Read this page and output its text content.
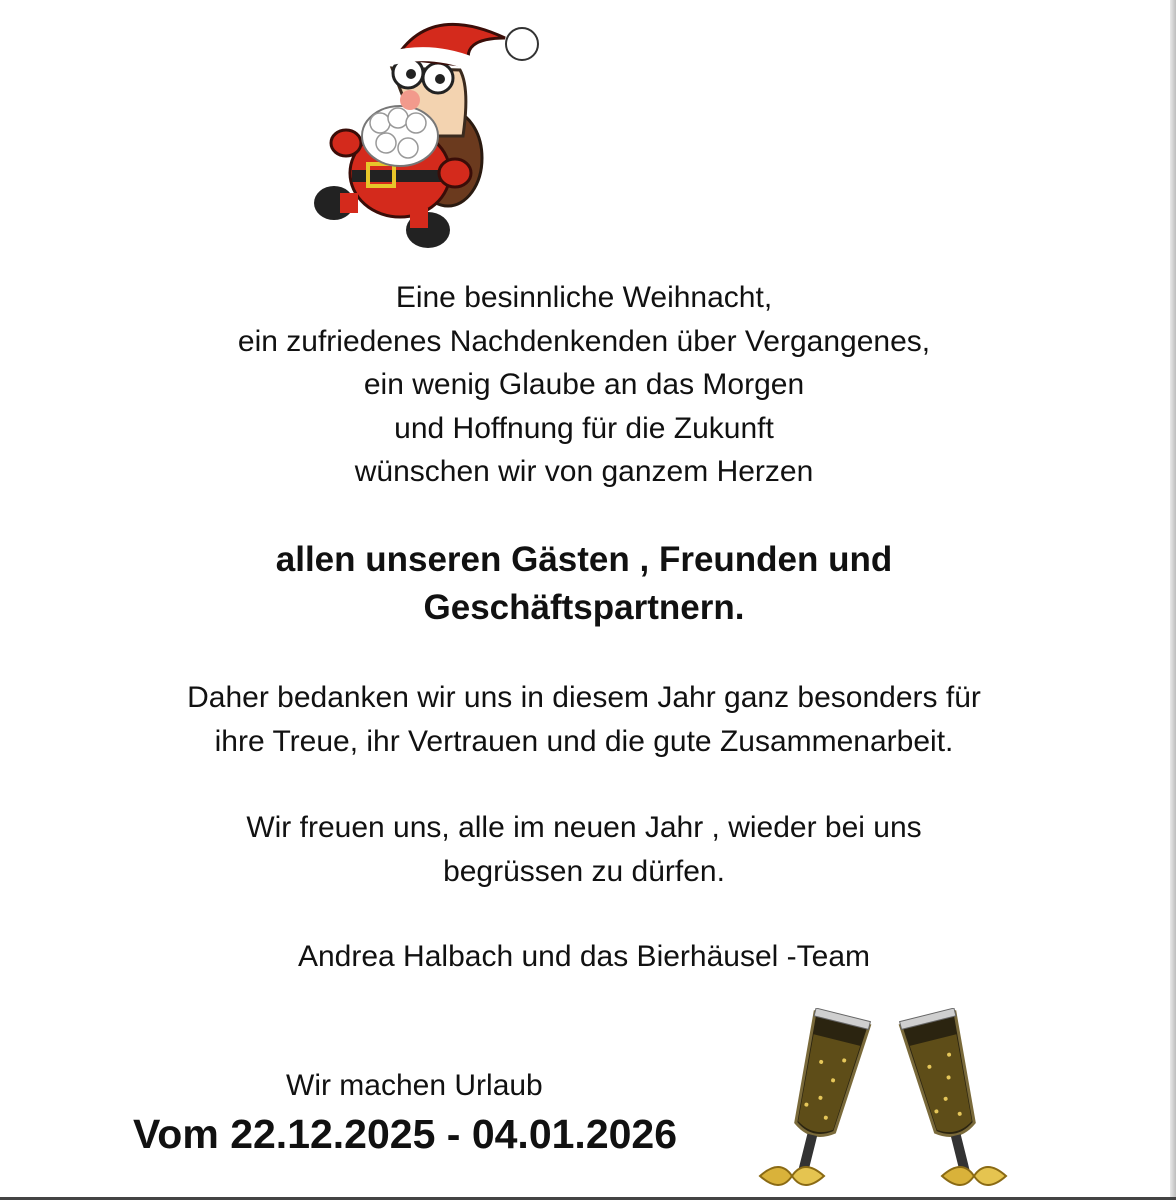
Eine besinnliche Weihnacht,
ein zufriedenes Nachdenkenden über Vergangenes,
ein wenig Glaube an das Morgen
und Hoffnung für die Zukunft
wünschen wir von ganzem Herzen

allen unseren Gästen , Freunden und
Geschäftspartnern.

Daher bedanken wir uns in diesem Jahr ganz besonders für
ihre Treue, ihr Vertrauen und die gute Zusammenarbeit.

Wir freuen uns, alle im neuen Jahr , wieder bei uns
begrüssen zu dürfen.

Andrea Halbach und das Bierhäusel -Team

Wir machen Urlaub
Vom 22.12.2025 - 04.01.2026
